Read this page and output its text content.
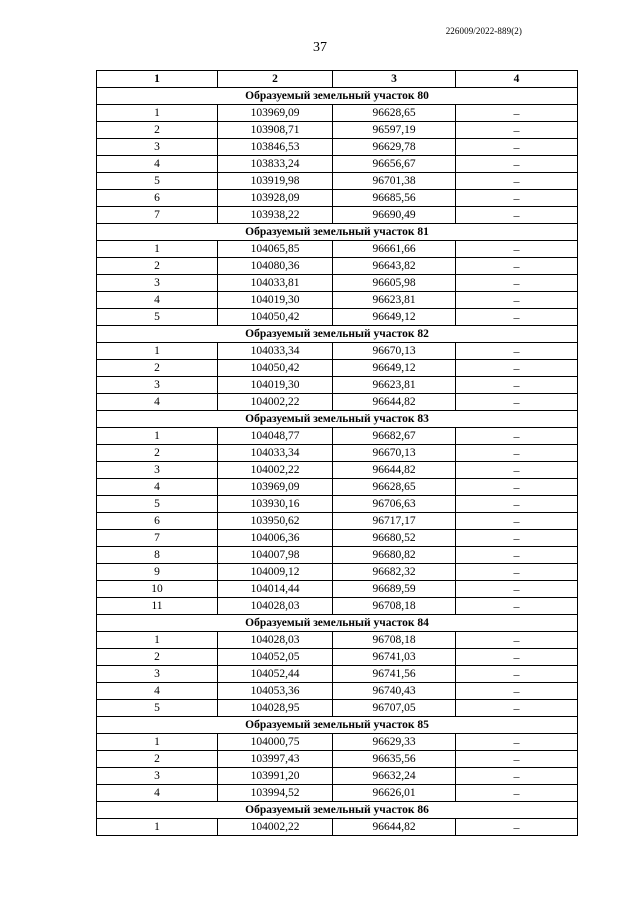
226009/2022-889(2)
37
1	2	3	4
Образуемый земельный участок 80			
1	103969,09	96628,65	–
2	103908,71	96597,19	–
3	103846,53	96629,78	–
4	103833,24	96656,67	–
5	103919,98	96701,38	–
6	103928,09	96685,56	–
7	103938,22	96690,49	–
Образуемый земельный участок 81			
1	104065,85	96661,66	–
2	104080,36	96643,82	–
3	104033,81	96605,98	–
4	104019,30	96623,81	–
5	104050,42	96649,12	–
Образуемый земельный участок 82			
1	104033,34	96670,13	–
2	104050,42	96649,12	–
3	104019,30	96623,81	–
4	104002,22	96644,82	–
Образуемый земельный участок 83			
1	104048,77	96682,67	–
2	104033,34	96670,13	–
3	104002,22	96644,82	–
4	103969,09	96628,65	–
5	103930,16	96706,63	–
6	103950,62	96717,17	–
7	104006,36	96680,52	–
8	104007,98	96680,82	–
9	104009,12	96682,32	–
10	104014,44	96689,59	–
11	104028,03	96708,18	–
Образуемый земельный участок 84			
1	104028,03	96708,18	–
2	104052,05	96741,03	–
3	104052,44	96741,56	–
4	104053,36	96740,43	–
5	104028,95	96707,05	–
Образуемый земельный участок 85			
1	104000,75	96629,33	–
2	103997,43	96635,56	–
3	103991,20	96632,24	–
4	103994,52	96626,01	–
Образуемый земельный участок 86			
1	104002,22	96644,82	–
